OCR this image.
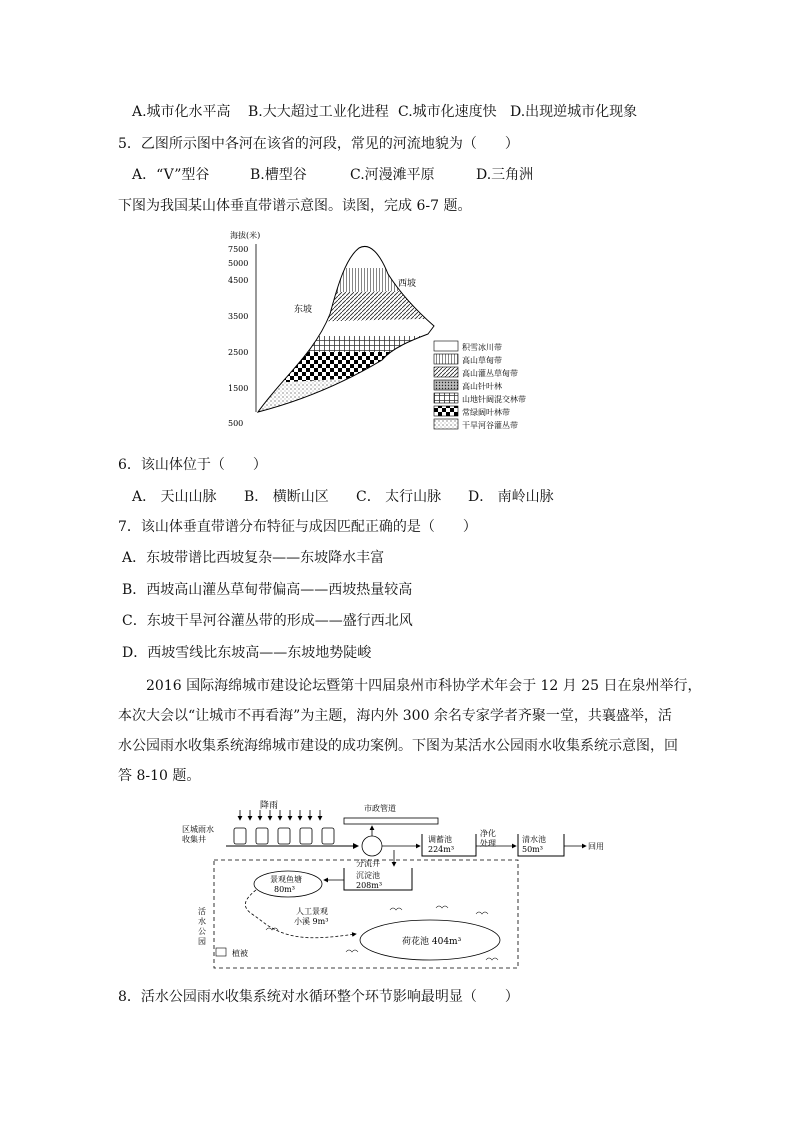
A.城市化水平高 B.大大超过工业化进程 C.城市化速度快 D.出现逆城市化现象
5．乙图所示图中各河在该省的河段，常见的河流地貌为（　　）
A．“V”型谷	B.槽型谷	C.河漫滩平原	D.三角洲
下图为我国某山体垂直带谱示意图。读图，完成 6-7 题。
海拔(米)
7500
5000
4500
3500
2500
1500
500
西坡
东坡
积雪冰川带
高山草甸带
高山灌丛草甸带
高山针叶林
山地针阔混交林带
常绿阔叶林带
干旱河谷灌丛带
6．该山体位于（　　）
A． 天山山脉 B． 横断山区 C． 太行山脉 D． 南岭山脉
7．该山体垂直带谱分布特征与成因匹配正确的是（　　）
A．东坡带谱比西坡复杂——东坡降水丰富
B．西坡高山灌丛草甸带偏高——西坡热量较高
C．东坡干旱河谷灌丛带的形成——盛行西北风
D．西坡雪线比东坡高——东坡地势陡峻
2016 国际海绵城市建设论坛暨第十四届泉州市科协学术年会于 12 月 25 日在泉州举行，
本次大会以“让城市不再看海”为主题，海内外 300 余名专家学者齐聚一堂，共襄盛举，活
水公园雨水收集系统海绵城市建设的成功案例。下图为某活水公园雨水收集系统示意图，回
答 8-10 题。
降雨
区城雨水
收集井
市政管道
分流井
调蓄池
224m³
净化
处理	清水池
50m³	回用
活
水
公
园
沉淀池
208m³
景观鱼塘
80m³
人工景观
小溪 9m³
荷花池 404m³
植被
8．活水公园雨水收集系统对水循环整个环节影响最明显（　　）
